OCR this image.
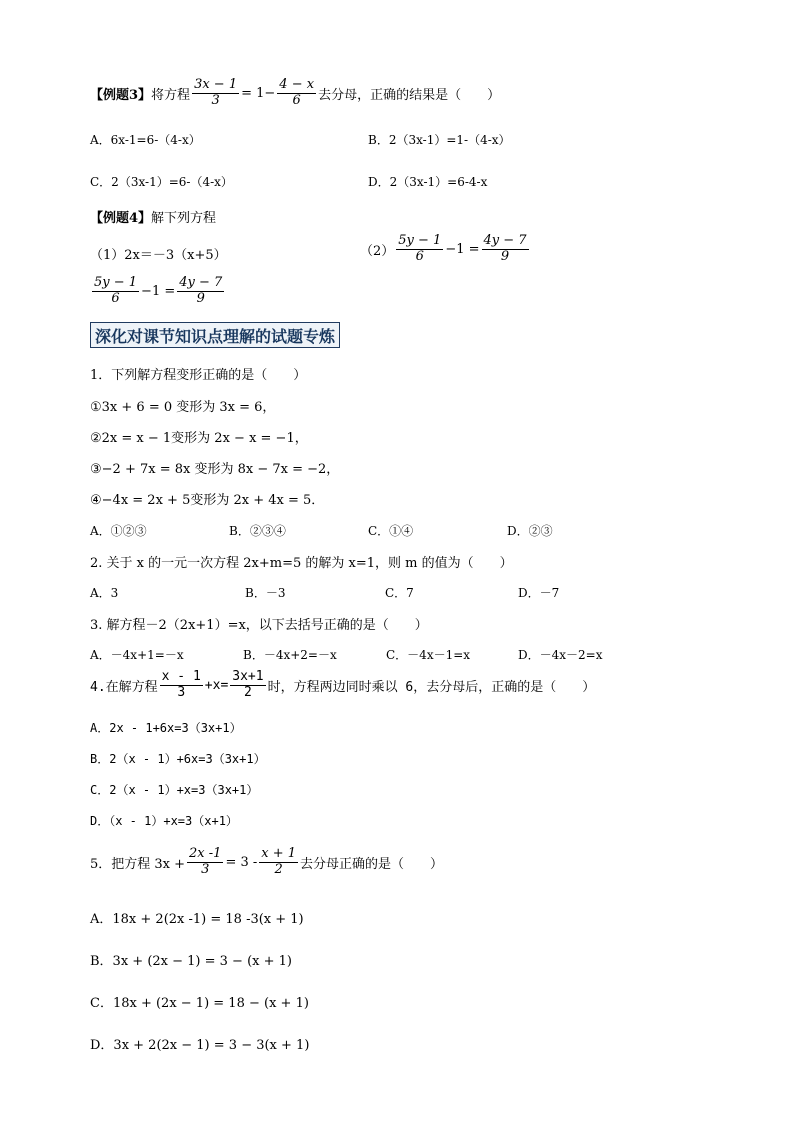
【例题3】 将方程 $\frac{3x - 1}{3} = 1- \frac{4 - x}{6}$ 去分母，正确的结果是（　　）
A．6x-1=6-（4-x）	B．2（3x-1）=1-（4-x）
C．2（3x-1）=6-（4-x）	D．2（3x-1）=6-4-x
【例题4】 解下列方程
（1）2x＝－3（x+5）	$(2) \frac{5y - 1}{6} -1 = \frac{4y - 7}{9}$
$\frac{5y - 1}{6} -1 = \frac{4y - 7}{9}$
深化对课节知识点理解的试题专炼
1．下列解方程变形正确的是（　　）
①3x + 6 = 0 变形为 3x = 6，
②2x = x − 1变形为 2x − x = −1，
③−2 + 7x = 8x 变形为 8x − 7x = −2，
④−4x = 2x + 5变形为 2x + 4x = 5．
A．①②③	B．②③④	C．①④	D．②③
2. 关于 x 的一元一次方程 2x+m=5 的解为 x=1，则 m 的值为（　　）
A．3	B．－3	C．7	D．－7
3. 解方程－2（2x+1）=x，以下去括号正确的是（　　）
A．－4x+1=－x	B．－4x+2=－x	C．－4x－1=x	D．－4x－2=x
4.在解方程 $\frac{x - 1}{3} +x= \frac{3x+1}{2}$ 时，方程两边同时乘以 6，去分母后，正确的是（　　）
A．2x - 1+6x=3（3x+1）
B．2（x - 1）+6x=3（3x+1）
C．2（x - 1）+x=3（3x+1）
D．（x - 1）+x=3（x+1）
5．把方程 $3x + \frac{2x -1}{3} = 3 - \frac{x + 1}{2}$ 去分母正确的是（　　）
A．18x + 2(2x -1) = 18 -3(x + 1)
B．3x + (2x − 1) = 3 − (x + 1)
C．18x + (2x − 1) = 18 − (x + 1)
D．3x + 2(2x − 1) = 3 − 3(x + 1)
